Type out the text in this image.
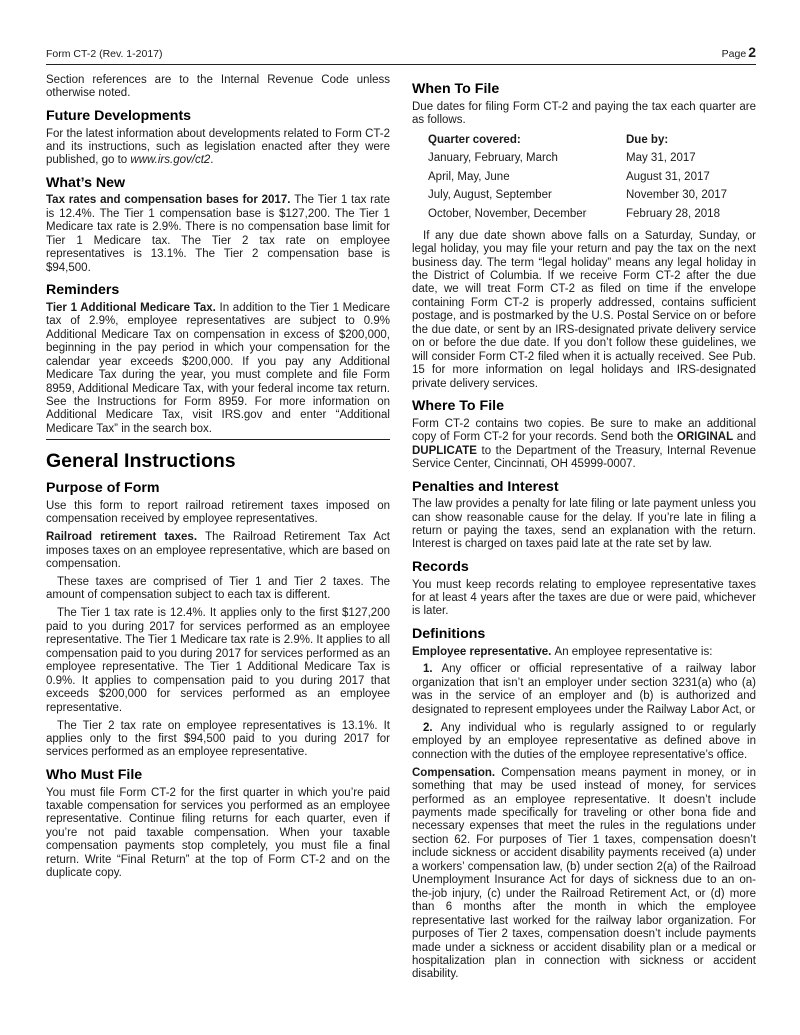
Form CT-2 (Rev. 1-2017)	Page 2

Section references are to the Internal Revenue Code unless otherwise noted.

Future Developments

For the latest information about developments related to Form CT-2 and its instructions, such as legislation enacted after they were published, go to www.irs.gov/ct2.

What’s New

Tax rates and compensation bases for 2017. The Tier 1 tax rate is 12.4%. The Tier 1 compensation base is $127,200. The Tier 1 Medicare tax rate is 2.9%. There is no compensation base limit for Tier 1 Medicare tax. The Tier 2 tax rate on employee representatives is 13.1%. The Tier 2 compensation base is $94,500.

Reminders

Tier 1 Additional Medicare Tax. In addition to the Tier 1 Medicare tax of 2.9%, employee representatives are subject to 0.9% Additional Medicare Tax on compensation in excess of $200,000, beginning in the pay period in which your compensation for the calendar year exceeds $200,000. If you pay any Additional Medicare Tax during the year, you must complete and file Form 8959, Additional Medicare Tax, with your federal income tax return. See the Instructions for Form 8959. For more information on Additional Medicare Tax, visit IRS.gov and enter “Additional Medicare Tax” in the search box.

General Instructions
Purpose of Form

Use this form to report railroad retirement taxes imposed on compensation received by employee representatives.

Railroad retirement taxes. The Railroad Retirement Tax Act imposes taxes on an employee representative, which are based on compensation.

These taxes are comprised of Tier 1 and Tier 2 taxes. The amount of compensation subject to each tax is different.

The Tier 1 tax rate is 12.4%. It applies only to the first $127,200 paid to you during 2017 for services performed as an employee representative. The Tier 1 Medicare tax rate is 2.9%. It applies to all compensation paid to you during 2017 for services performed as an employee representative. The Tier 1 Additional Medicare Tax is 0.9%. It applies to compensation paid to you during 2017 that exceeds $200,000 for services performed as an employee representative.

The Tier 2 tax rate on employee representatives is 13.1%. It applies only to the first $94,500 paid to you during 2017 for services performed as an employee representative.

Who Must File

You must file Form CT-2 for the first quarter in which you’re paid taxable compensation for services you performed as an employee representative. Continue filing returns for each quarter, even if you’re not paid taxable compensation. When your taxable compensation payments stop completely, you must file a final return. Write “Final Return” at the top of Form CT-2 and on the duplicate copy.

When To File

Due dates for filing Form CT-2 and paying the tax each quarter are as follows.

Quarter covered:	Due by:
January, February, March	May 31, 2017
April, May, June	August 31, 2017
July, August, September	November 30, 2017
October, November, December	February 28, 2018

If any due date shown above falls on a Saturday, Sunday, or legal holiday, you may file your return and pay the tax on the next business day. The term “legal holiday” means any legal holiday in the District of Columbia. If we receive Form CT-2 after the due date, we will treat Form CT-2 as filed on time if the envelope containing Form CT-2 is properly addressed, contains sufficient postage, and is postmarked by the U.S. Postal Service on or before the due date, or sent by an IRS-designated private delivery service on or before the due date. If you don’t follow these guidelines, we will consider Form CT-2 filed when it is actually received. See Pub. 15 for more information on legal holidays and IRS-designated private delivery services.

Where To File

Form CT-2 contains two copies. Be sure to make an additional copy of Form CT-2 for your records. Send both the ORIGINAL and DUPLICATE to the Department of the Treasury, Internal Revenue Service Center, Cincinnati, OH 45999-0007.

Penalties and Interest

The law provides a penalty for late filing or late payment unless you can show reasonable cause for the delay. If you’re late in filing a return or paying the taxes, send an explanation with the return. Interest is charged on taxes paid late at the rate set by law.

Records

You must keep records relating to employee representative taxes for at least 4 years after the taxes are due or were paid, whichever is later.

Definitions

Employee representative. An employee representative is:

1. Any officer or official representative of a railway labor organization that isn’t an employer under section 3231(a) who (a) was in the service of an employer and (b) is authorized and designated to represent employees under the Railway Labor Act, or

2. Any individual who is regularly assigned to or regularly employed by an employee representative as defined above in connection with the duties of the employee representative’s office.

Compensation. Compensation means payment in money, or in something that may be used instead of money, for services performed as an employee representative. It doesn’t include payments made specifically for traveling or other bona fide and necessary expenses that meet the rules in the regulations under section 62. For purposes of Tier 1 taxes, compensation doesn’t include sickness or accident disability payments received (a) under a workers’ compensation law, (b) under section 2(a) of the Railroad Unemployment Insurance Act for days of sickness due to an on-the-job injury, (c) under the Railroad Retirement Act, or (d) more than 6 months after the month in which the employee representative last worked for the railway labor organization. For purposes of Tier 2 taxes, compensation doesn’t include payments made under a sickness or accident disability plan or a medical or hospitalization plan in connection with sickness or accident disability.
